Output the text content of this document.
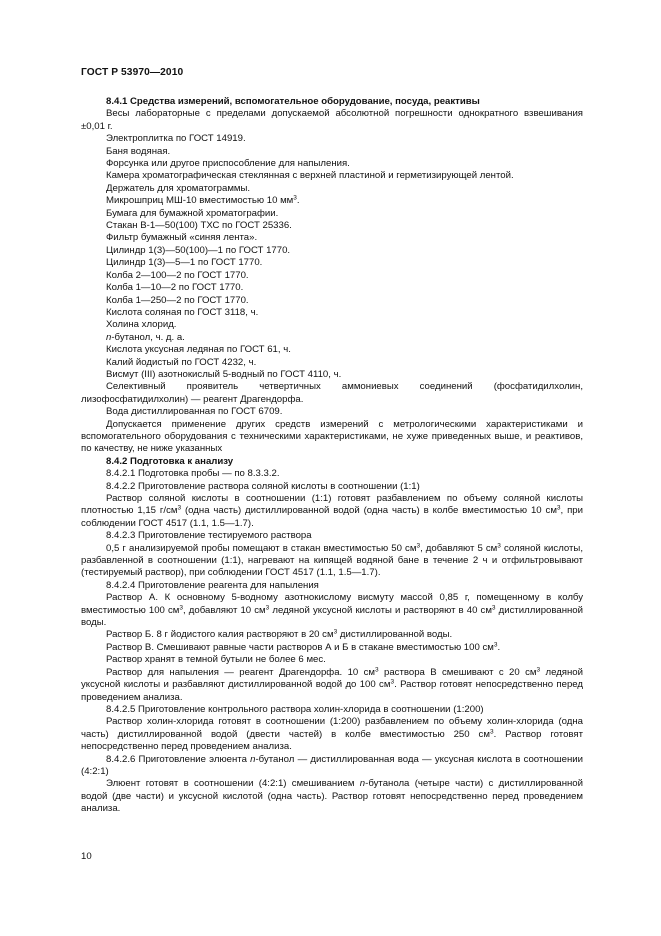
ГОСТ Р 53970—2010

8.4.1 Средства измерений, вспомогательное оборудование, посуда, реактивы

Весы лабораторные с пределами допускаемой абсолютной погрешности однократного взвешивания ±0,01 г.

Электроплитка по ГОСТ 14919.

Баня водяная.

Форсунка или другое приспособление для напыления.

Камера хроматографическая стеклянная с верхней пластиной и герметизирующей лентой.

Держатель для хроматограммы.

Микрошприц МШ-10 вместимостью 10 $мм^3$.

Бумага для бумажной хроматографии.

Стакан В-1—50(100) ТХС по ГОСТ 25336.

Фильтр бумажный «синяя лента».

Цилиндр 1(3)—50(100)—1 по ГОСТ 1770.

Цилиндр 1(3)—5—1 по ГОСТ 1770.

Колба 2—100—2 по ГОСТ 1770.

Колба 1—10—2 по ГОСТ 1770.

Колба 1—250—2 по ГОСТ 1770.

Кислота соляная по ГОСТ 3118, ч.

Холина хлорид.

n-бутанол, ч. д. а.

Кислота уксусная ледяная по ГОСТ 61, ч.

Калий йодистый по ГОСТ 4232, ч.

Висмут (III) азотнокислый 5-водный по ГОСТ 4110, ч.

Селективный проявитель четвертичных аммониевых соединений (фосфатидилхолин, лизофосфатидилхолин) — реагент Драгендорфа.

Вода дистиллированная по ГОСТ 6709.

Допускается применение других средств измерений с метрологическими характеристиками и вспомогательного оборудования с техническими характеристиками, не хуже приведенных выше, и реактивов, по качеству, не ниже указанных

8.4.2 Подготовка к анализу

8.4.2.1 Подготовка пробы — по 8.3.3.2.

8.4.2.2 Приготовление раствора соляной кислоты в соотношении (1:1)

Раствор соляной кислоты в соотношении (1:1) готовят разбавлением по объему соляной кислоты плотностью 1,15 $г/см^3$ (одна часть) дистиллированной водой (одна часть) в колбе вместимостью 10 $см^3$, при соблюдении ГОСТ 4517 (1.1, 1.5—1.7).

8.4.2.3 Приготовление тестируемого раствора

0,5 г анализируемой пробы помещают в стакан вместимостью 50 $см^3$, добавляют 5 $см^3$ соляной кислоты, разбавленной в соотношении (1:1), нагревают на кипящей водяной бане в течение 2 ч и отфильтровывают (тестируемый раствор), при соблюдении ГОСТ 4517 (1.1, 1.5—1.7).

8.4.2.4 Приготовление реагента для напыления

Раствор А. К основному 5-водному азотнокислому висмуту массой 0,85 г, помещенному в колбу вместимостью 100 $см^3$, добавляют 10 $см^3$ ледяной уксусной кислоты и растворяют в 40 $см^3$ дистиллированной воды.

Раствор Б. 8 г йодистого калия растворяют в 20 $см^3$ дистиллированной воды.

Раствор В. Смешивают равные части растворов А и Б в стакане вместимостью 100 $см^3$.

Раствор хранят в темной бутыли не более 6 мес.

Раствор для напыления — реагент Драгендорфа. 10 $см^3$ раствора В смешивают с 20 $см^3$ ледяной уксусной кислоты и разбавляют дистиллированной водой до 100 $см^3$. Раствор готовят непосредственно перед проведением анализа.

8.4.2.5 Приготовление контрольного раствора холин-хлорида в соотношении (1:200)

Раствор холин-хлорида готовят в соотношении (1:200) разбавлением по объему холин-хлорида (одна часть) дистиллированной водой (двести частей) в колбе вместимостью 250 $см^3$. Раствор готовят непосредственно перед проведением анализа.

8.4.2.6 Приготовление элюента n-бутанол — дистиллированная вода — уксусная кислота в соотношении (4:2:1)

Элюент готовят в соотношении (4:2:1) смешиванием n-бутанола (четыре части) с дистиллированной водой (две части) и уксусной кислотой (одна часть). Раствор готовят непосредственно перед проведением анализа.

10
